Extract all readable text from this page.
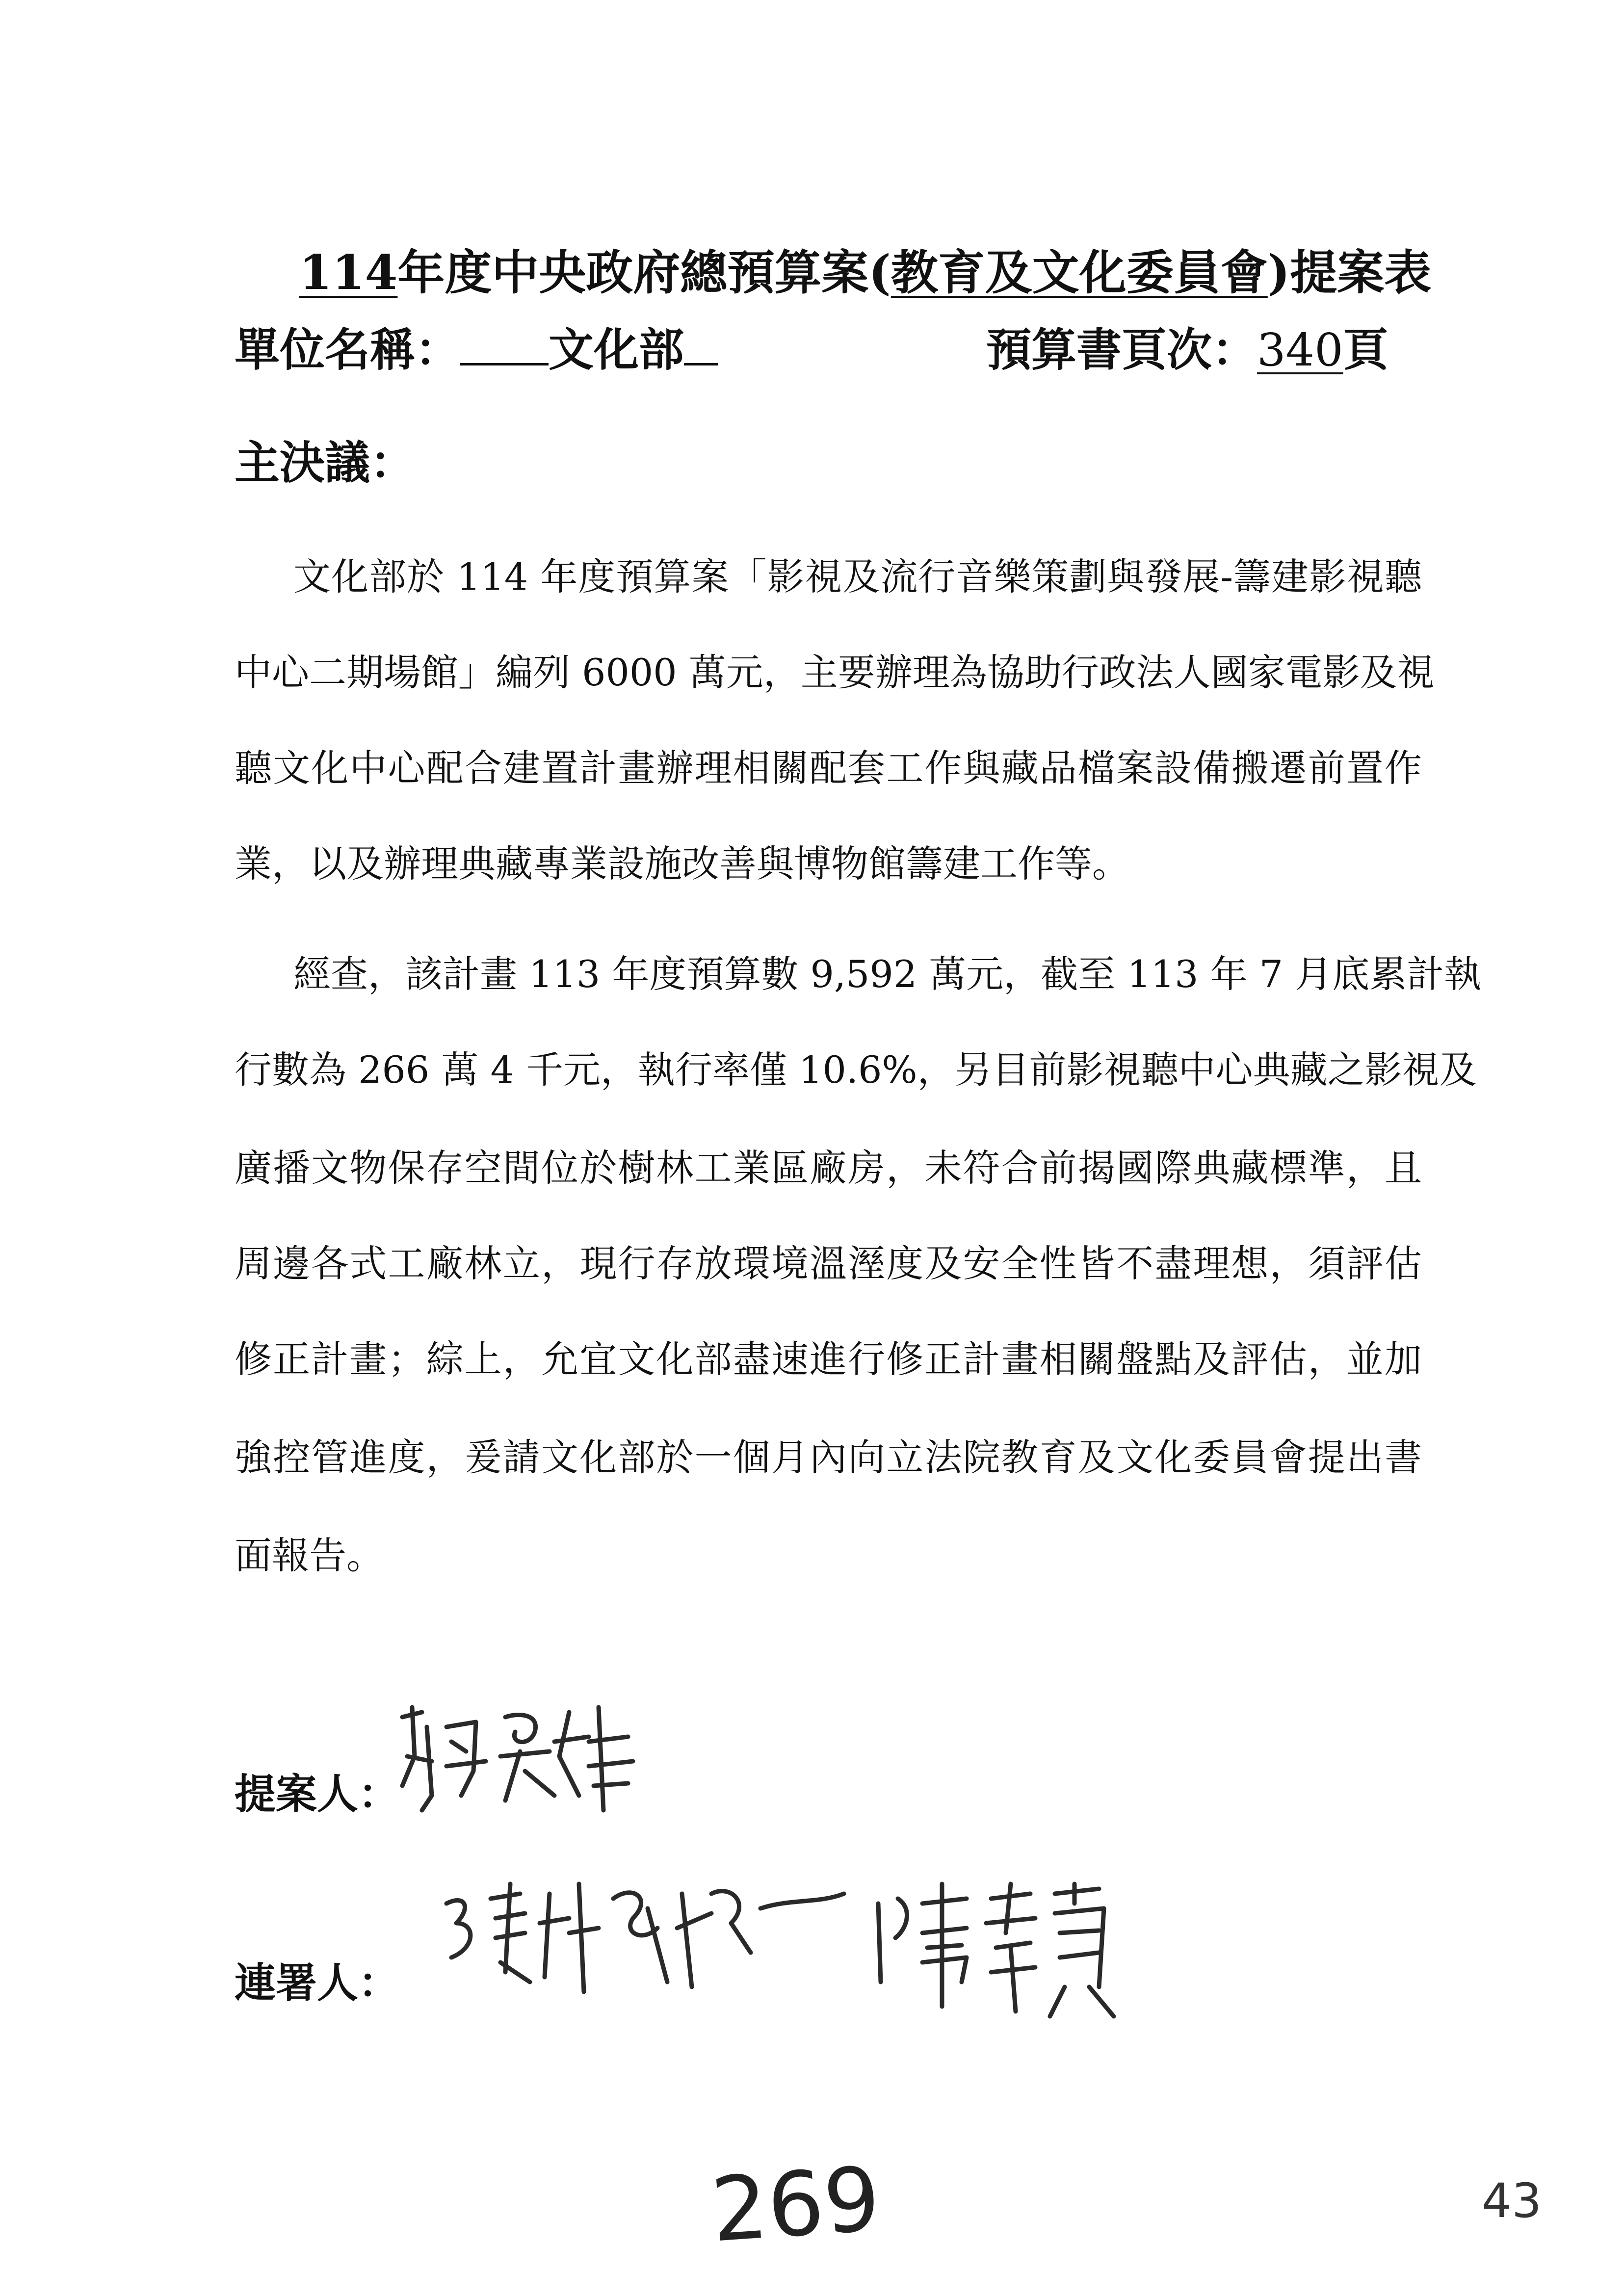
114年度中央政府總預算案(教育及文化委員會)提案表
單位名稱： 文化部	預算書頁次：340頁
主決議：
文化部於 114 年度預算案「影視及流行音樂策劃與發展-籌建影視聽
中心二期場館」編列 6000 萬元，主要辦理為協助行政法人國家電影及視
聽文化中心配合建置計畫辦理相關配套工作與藏品檔案設備搬遷前置作
業，以及辦理典藏專業設施改善與博物館籌建工作等。
經查，該計畫 113 年度預算數 9,592 萬元，截至 113 年 7 月底累計執
行數為 266 萬 4 千元，執行率僅 10.6%，另目前影視聽中心典藏之影視及
廣播文物保存空間位於樹林工業區廠房，未符合前揭國際典藏標準，且
周邊各式工廠林立，現行存放環境溫溼度及安全性皆不盡理想，須評估
修正計畫；綜上，允宜文化部盡速進行修正計畫相關盤點及評估，並加
強控管進度，爰請文化部於一個月內向立法院教育及文化委員會提出書
面報告。
提案人：
連署人：
269	43
